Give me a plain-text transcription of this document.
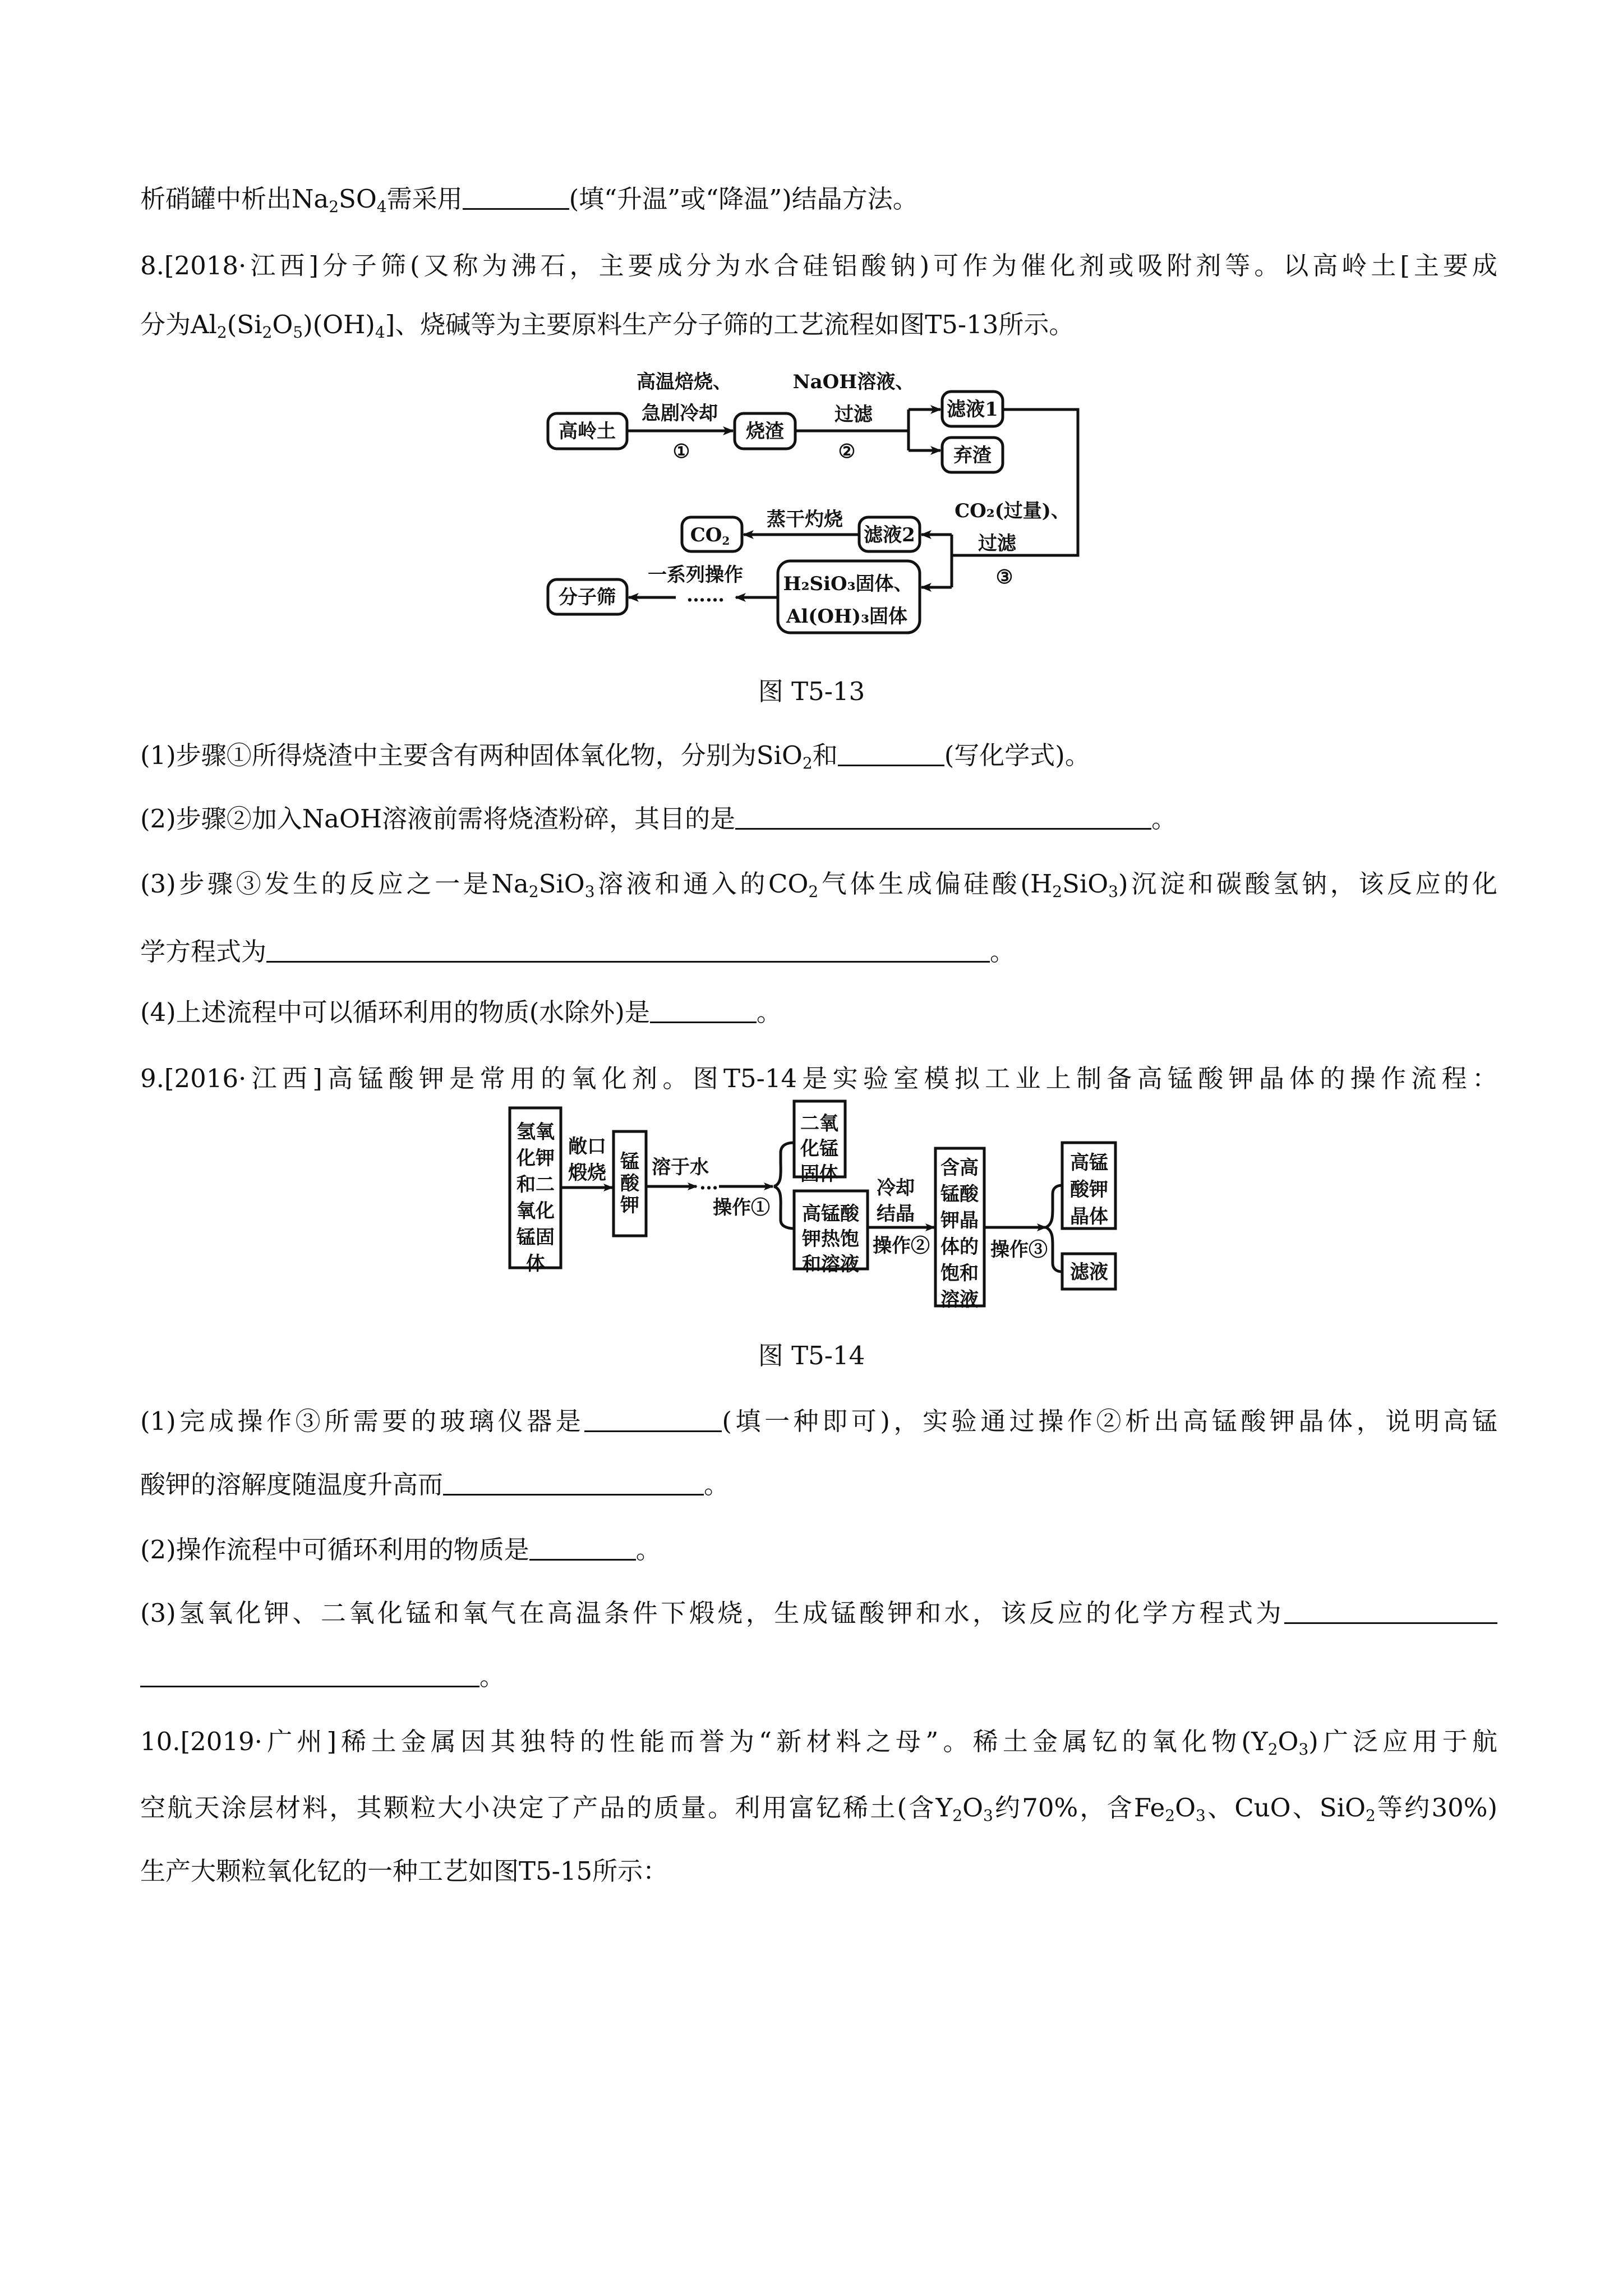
析硝罐中析出$Na_2SO_4$需采用	(填“升温”或“降温”)结晶方法。
8.[2018·江西]分子筛(又称为沸石，主要成分为水合硅铝酸钠)可作为催化剂或吸附剂等。以高岭土[主要成
分为$Al_2(Si_2O_5)(OH)_4$]、烧碱等为主要原料生产分子筛的工艺流程如图T5-13所示。
高岭土	烧渣
高温焙烧、
急剧冷却
①
NaOH溶液、
过滤
②
滤液1
弃渣
CO₂(过量)、
过滤
③
滤液2
CO2
蒸干灼烧
H₂SiO₃固体、
Al(OH)₃固体
分子筛	……
一系列操作
图 T5-13
(1)步骤①所得烧渣中主要含有两种固体氧化物，分别为SiO$_2$和	(写化学式)。
(2)步骤②加入NaOH溶液前需将烧渣粉碎，其目的是	。
(3)步骤③发生的反应之一是$Na_2SiO_3$溶液和通入的$CO_2$气体生成偏硅酸$(H_2SiO_3)$沉淀和碳酸氢钠，该反应的化
学方程式为	。
(4)上述流程中可以循环利用的物质(水除外)是	。
9.[2016·江西]高锰酸钾是常用的氧化剂。图T5-14是实验室模拟工业上制备高锰酸钾晶体的操作流程：
滤液
敞口
煅烧	…
溶于水
操作①
冷却
结晶
操作②	操作③
氢氧
化钾
和二
氧化
锰固
体
锰
酸
钾
二氧
化锰
固体
高锰酸
钾热饱
和溶液
含高
锰酸
钾晶
体的
饱和
溶液
高锰
酸钾
晶体
图 T5-14
(1)完成操作③所需要的玻璃仪器是	(填一种即可)，实验通过操作②析出高锰酸钾晶体，说明高锰
酸钾的溶解度随温度升高而	。
(2)操作流程中可循环利用的物质是	。
(3)氢氧化钾、二氧化锰和氧气在高温条件下煅烧，生成锰酸钾和水，该反应的化学方程式为
。
10.[2019·广州]稀土金属因其独特的性能而誉为“新材料之母”。稀土金属钇的氧化物$(Y_2O_3)$广泛应用于航
空航天涂层材料，其颗粒大小决定了产品的质量。利用富钇稀土(含$Y_2O_3$约70%，含$Fe_2O_3$、CuO、SiO$_2$等约30%)
生产大颗粒氧化钇的一种工艺如图T5-15所示：
